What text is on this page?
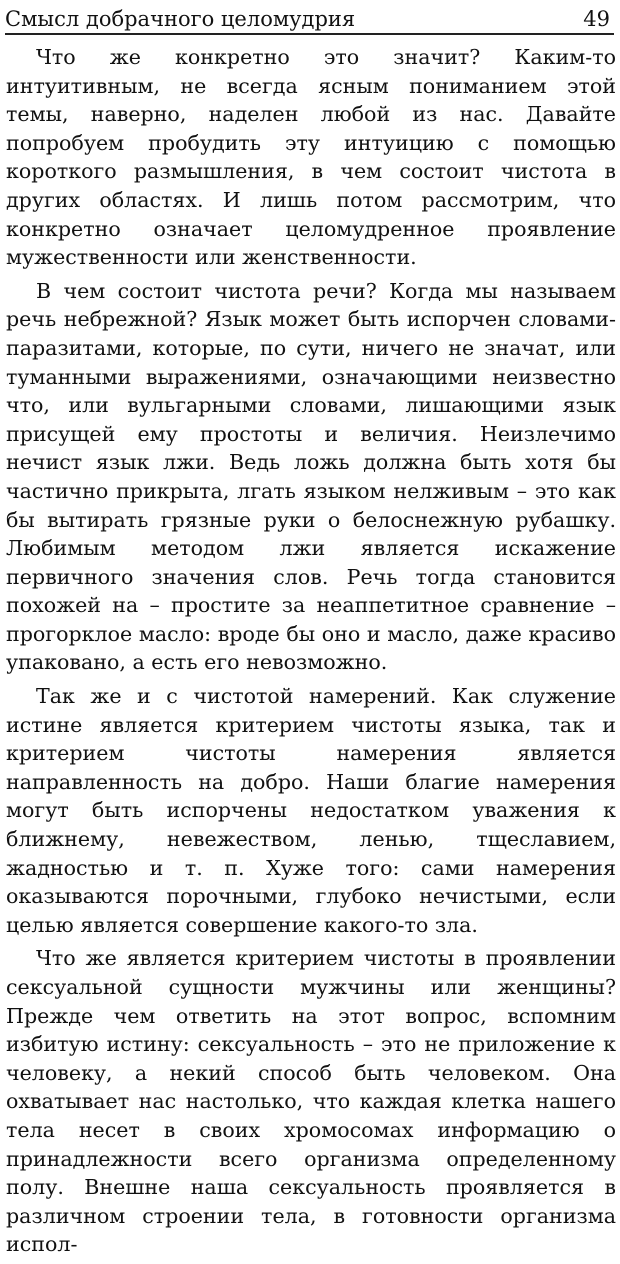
Смысл добрачного целомудрия	49

Что же конкретно это значит? Каким-то интуитивным, не всегда ясным пониманием этой темы, наверно, наделен любой из нас. Давайте попробуем пробудить эту интуицию с помощью короткого размышления, в чем состоит чистота в других областях. И лишь потом рассмотрим, что конкретно означает целомудренное проявление мужественности или женственности.

В чем состоит чистота речи? Когда мы называем речь небрежной? Язык может быть испорчен словами-паразитами, которые, по сути, ничего не значат, или туманными выражениями, означающими неизвестно что, или вульгарными словами, лишающими язык присущей ему простоты и величия. Неизлечимо нечист язык лжи. Ведь ложь должна быть хотя бы частично прикрыта, лгать языком нелживым – это как бы вытирать грязные руки о белоснежную рубашку. Любимым методом лжи является искажение первичного значения слов. Речь тогда становится похожей на – простите за неаппетитное сравнение – прогорклое масло: вроде бы оно и масло, даже красиво упаковано, а есть его невозможно.

Так же и с чистотой намерений. Как служение истине является критерием чистоты языка, так и критерием чистоты намерения является направленность на добро. Наши благие намерения могут быть испорчены недостатком уважения к ближнему, невежеством, ленью, тщеславием, жадностью и т. п. Хуже того: сами намерения оказываются порочными, глубоко нечистыми, если целью является совершение какого-то зла.

Что же является критерием чистоты в проявлении сексуальной сущности мужчины или женщины? Прежде чем ответить на этот вопрос, вспомним избитую истину: сексуальность – это не приложение к человеку, а некий способ быть человеком. Она охватывает нас настолько, что каждая клетка нашего тела несет в своих хромосомах информацию о принадлежности всего организма определенному полу. Внешне наша сексуальность проявляется в различном строении тела, в готовности организма испол-
